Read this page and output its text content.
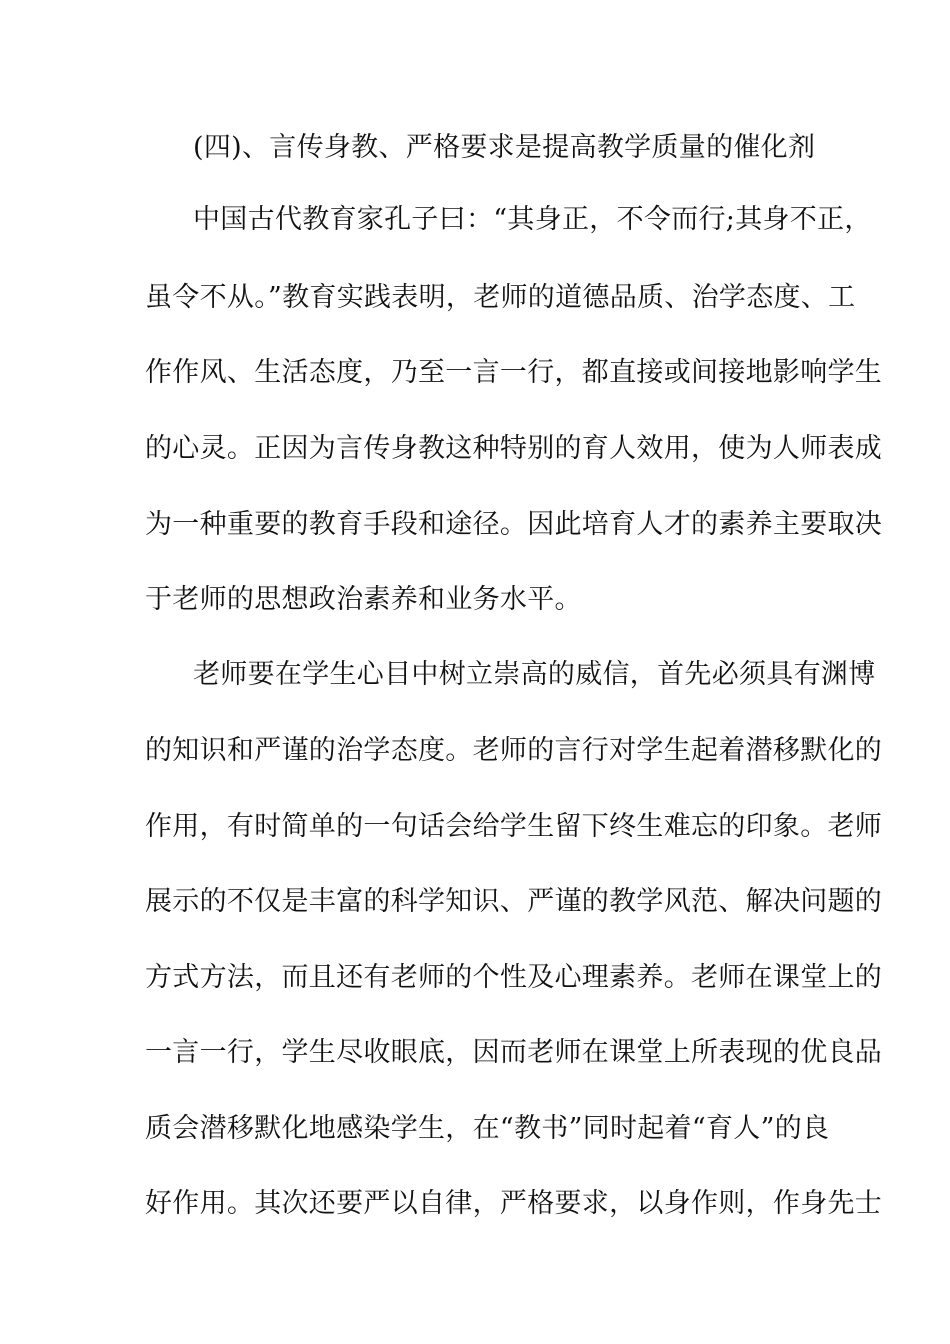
(四)、言传身教、严格要求是提高教学质量的催化剂
中国古代教育家孔子曰：“其身正，不令而行;其身不正，
虽令不从。”教育实践表明，老师的道德品质、治学态度、工
作作风、生活态度，乃至一言一行，都直接或间接地影响学生
的心灵。正因为言传身教这种特别的育人效用，使为人师表成
为一种重要的教育手段和途径。因此培育人才的素养主要取决
于老师的思想政治素养和业务水平。
老师要在学生心目中树立崇高的威信，首先必须具有渊博
的知识和严谨的治学态度。老师的言行对学生起着潜移默化的
作用，有时简单的一句话会给学生留下终生难忘的印象。老师
展示的不仅是丰富的科学知识、严谨的教学风范、解决问题的
方式方法，而且还有老师的个性及心理素养。老师在课堂上的
一言一行，学生尽收眼底，因而老师在课堂上所表现的优良品
质会潜移默化地感染学生，在“教书”同时起着“育人”的良
好作用。其次还要严以自律，严格要求，以身作则，作身先士
